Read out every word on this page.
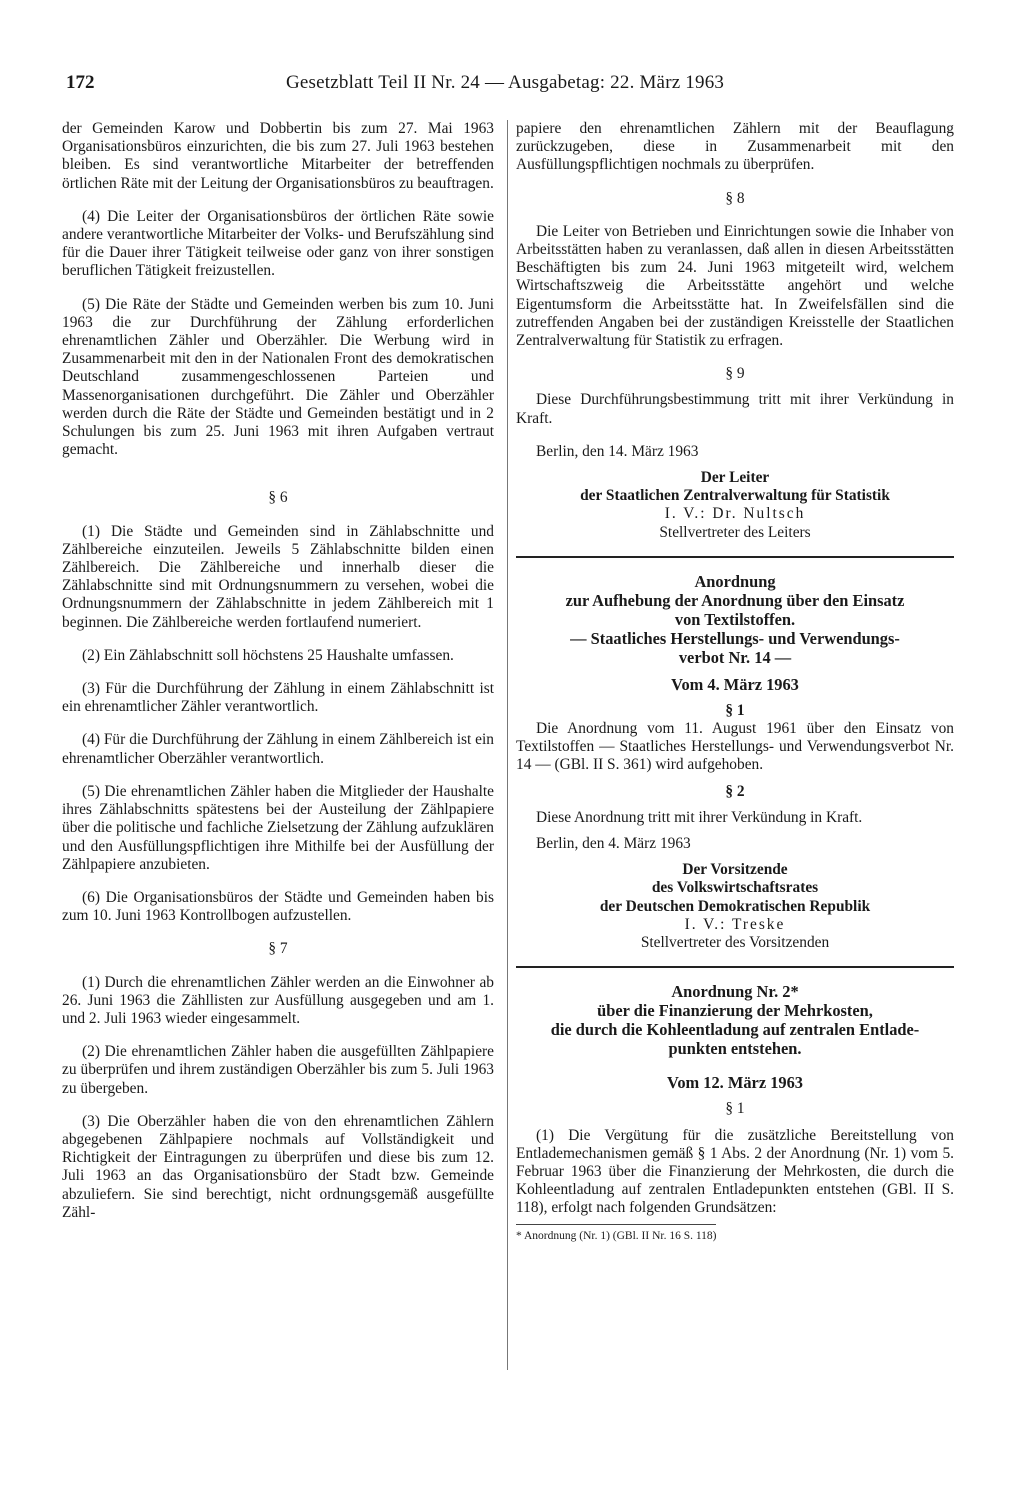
172	Gesetzblatt Teil II Nr. 24 — Ausgabetag: 22. März 1963

der Gemeinden Karow und Dobbertin bis zum 27. Mai 1963 Organisationsbüros einzurichten, die bis zum 27. Juli 1963 bestehen bleiben. Es sind verantwortliche Mitarbeiter der betreffenden örtlichen Räte mit der Leitung der Organisationsbüros zu beauftragen.

(4) Die Leiter der Organisationsbüros der örtlichen Räte sowie andere verantwortliche Mitarbeiter der Volks- und Berufszählung sind für die Dauer ihrer Tätigkeit teilweise oder ganz von ihrer sonstigen beruflichen Tätigkeit freizustellen.

(5) Die Räte der Städte und Gemeinden werben bis zum 10. Juni 1963 die zur Durchführung der Zählung erforderlichen ehrenamtlichen Zähler und Oberzähler. Die Werbung wird in Zusammenarbeit mit den in der Nationalen Front des demokratischen Deutschland zusammengeschlossenen Parteien und Massenorganisationen durchgeführt. Die Zähler und Oberzähler werden durch die Räte der Städte und Gemeinden bestätigt und in 2 Schulungen bis zum 25. Juni 1963 mit ihren Aufgaben vertraut gemacht.

§ 6

(1) Die Städte und Gemeinden sind in Zählabschnitte und Zählbereiche einzuteilen. Jeweils 5 Zählabschnitte bilden einen Zählbereich. Die Zählbereiche und innerhalb dieser die Zählabschnitte sind mit Ordnungsnummern zu versehen, wobei die Ordnungsnummern der Zählabschnitte in jedem Zählbereich mit 1 beginnen. Die Zählbereiche werden fortlaufend numeriert.

(2) Ein Zählabschnitt soll höchstens 25 Haushalte umfassen.

(3) Für die Durchführung der Zählung in einem Zählabschnitt ist ein ehrenamtlicher Zähler verantwortlich.

(4) Für die Durchführung der Zählung in einem Zählbereich ist ein ehrenamtlicher Oberzähler verantwortlich.

(5) Die ehrenamtlichen Zähler haben die Mitglieder der Haushalte ihres Zählabschnitts spätestens bei der Austeilung der Zählpapiere über die politische und fachliche Zielsetzung der Zählung aufzuklären und den Ausfüllungspflichtigen ihre Mithilfe bei der Ausfüllung der Zählpapiere anzubieten.

(6) Die Organisationsbüros der Städte und Gemeinden haben bis zum 10. Juni 1963 Kontrollbogen aufzustellen.

§ 7

(1) Durch die ehrenamtlichen Zähler werden an die Einwohner ab 26. Juni 1963 die Zähllisten zur Ausfüllung ausgegeben und am 1. und 2. Juli 1963 wieder eingesammelt.

(2) Die ehrenamtlichen Zähler haben die ausgefüllten Zählpapiere zu überprüfen und ihrem zuständigen Oberzähler bis zum 5. Juli 1963 zu übergeben.

(3) Die Oberzähler haben die von den ehrenamtlichen Zählern abgegebenen Zählpapiere nochmals auf Vollständigkeit und Richtigkeit der Eintragungen zu überprüfen und diese bis zum 12. Juli 1963 an das Organisationsbüro der Stadt bzw. Gemeinde abzuliefern. Sie sind berechtigt, nicht ordnungsgemäß ausgefüllte Zähl-

papiere den ehrenamtlichen Zählern mit der Beauflagung zurückzugeben, diese in Zusammenarbeit mit den Ausfüllungspflichtigen nochmals zu überprüfen.

§ 8

Die Leiter von Betrieben und Einrichtungen sowie die Inhaber von Arbeitsstätten haben zu veranlassen, daß allen in diesen Arbeitsstätten Beschäftigten bis zum 24. Juni 1963 mitgeteilt wird, welchem Wirtschaftszweig die Arbeitsstätte angehört und welche Eigentumsform die Arbeitsstätte hat. In Zweifelsfällen sind die zutreffenden Angaben bei der zuständigen Kreisstelle der Staatlichen Zentralverwaltung für Statistik zu erfragen.

§ 9

Diese Durchführungsbestimmung tritt mit ihrer Verkündung in Kraft.

Berlin, den 14. März 1963

Der Leiter
der Staatlichen Zentralverwaltung für Statistik
I. V.: Dr. Nultsch
Stellvertreter des Leiters
Anordnung
zur Aufhebung der Anordnung über den Einsatz
von Textilstoffen.
— Staatliches Herstellungs- und Verwendungs-
verbot Nr. 14 —
Vom 4. März 1963

§ 1

Die Anordnung vom 11. August 1961 über den Einsatz von Textilstoffen — Staatliches Herstellungs- und Verwendungsverbot Nr. 14 — (GBl. II S. 361) wird aufgehoben.

§ 2

Diese Anordnung tritt mit ihrer Verkündung in Kraft.

Berlin, den 4. März 1963

Der Vorsitzende
des Volkswirtschaftsrates
der Deutschen Demokratischen Republik
I. V.: Treske
Stellvertreter des Vorsitzenden
Anordnung Nr. 2*
über die Finanzierung der Mehrkosten,
die durch die Kohleentladung auf zentralen Entlade-
punkten entstehen.
Vom 12. März 1963

§ 1

(1) Die Vergütung für die zusätzliche Bereitstellung von Entlademechanismen gemäß § 1 Abs. 2 der Anordnung (Nr. 1) vom 5. Februar 1963 über die Finanzierung der Mehrkosten, die durch die Kohleentladung auf zentralen Entladepunkten entstehen (GBl. II S. 118), erfolgt nach folgenden Grundsätzen:

* Anordnung (Nr. 1) (GBl. II Nr. 16 S. 118)
